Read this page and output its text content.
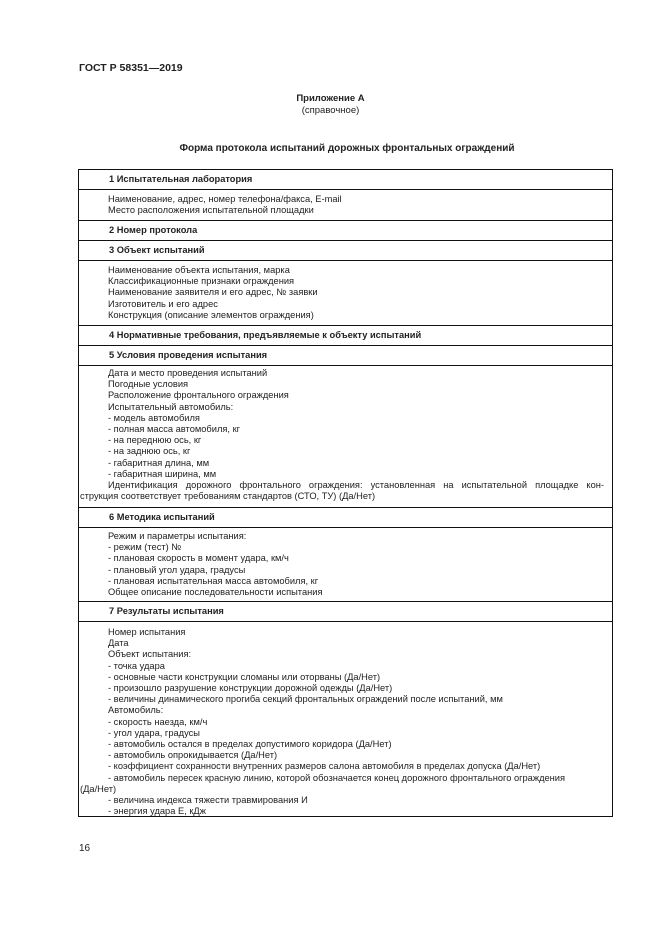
ГОСТ Р 58351—2019
Приложение А
(справочное)
Форма протокола испытаний дорожных фронтальных ограждений
1 Испытательная лаборатория
Наименование, адрес, номер телефона/факса, E-mail
Место расположения испытательной площадки
2 Номер протокола
3 Объект испытаний
Наименование объекта испытания, марка
Классификационные признаки ограждения
Наименование заявителя и его адрес, № заявки
Изготовитель и его адрес
Конструкция (описание элементов ограждения)
4 Нормативные требования, предъявляемые к объекту испытаний
5 Условия проведения испытания
Дата и место проведения испытаний
Погодные условия
Расположение фронтального ограждения
Испытательный автомобиль:
- модель автомобиля
- полная масса автомобиля, кг
- на переднюю ось, кг
- на заднюю ось, кг
- габаритная длина, мм
- габаритная ширина, мм
Идентификация дорожного фронтального ограждения: установленная на испытательной площадке кон-
струкция соответствует требованиям стандартов (СТО, ТУ) (Да/Нет)
6 Методика испытаний
Режим и параметры испытания:
- режим (тест) №
- плановая скорость в момент удара, км/ч
- плановый угол удара, градусы
- плановая испытательная масса автомобиля, кг
Общее описание последовательности испытания
7 Результаты испытания
Номер испытания
Дата
Объект испытания:
- точка удара
- основные части конструкции сломаны или оторваны (Да/Нет)
- произошло разрушение конструкции дорожной одежды (Да/Нет)
- величины динамического прогиба секций фронтальных ограждений после испытаний, мм
Автомобиль:
- скорость наезда, км/ч
- угол удара, градусы
- автомобиль остался в пределах допустимого коридора (Да/Нет)
- автомобиль опрокидывается (Да/Нет)
- коэффициент сохранности внутренних размеров салона автомобиля в пределах допуска (Да/Нет)
- автомобиль пересек красную линию, которой обозначается конец дорожного фронтального ограждения
(Да/Нет)
- величина индекса тяжести травмирования И
- энергия удара Е, кДж
16
